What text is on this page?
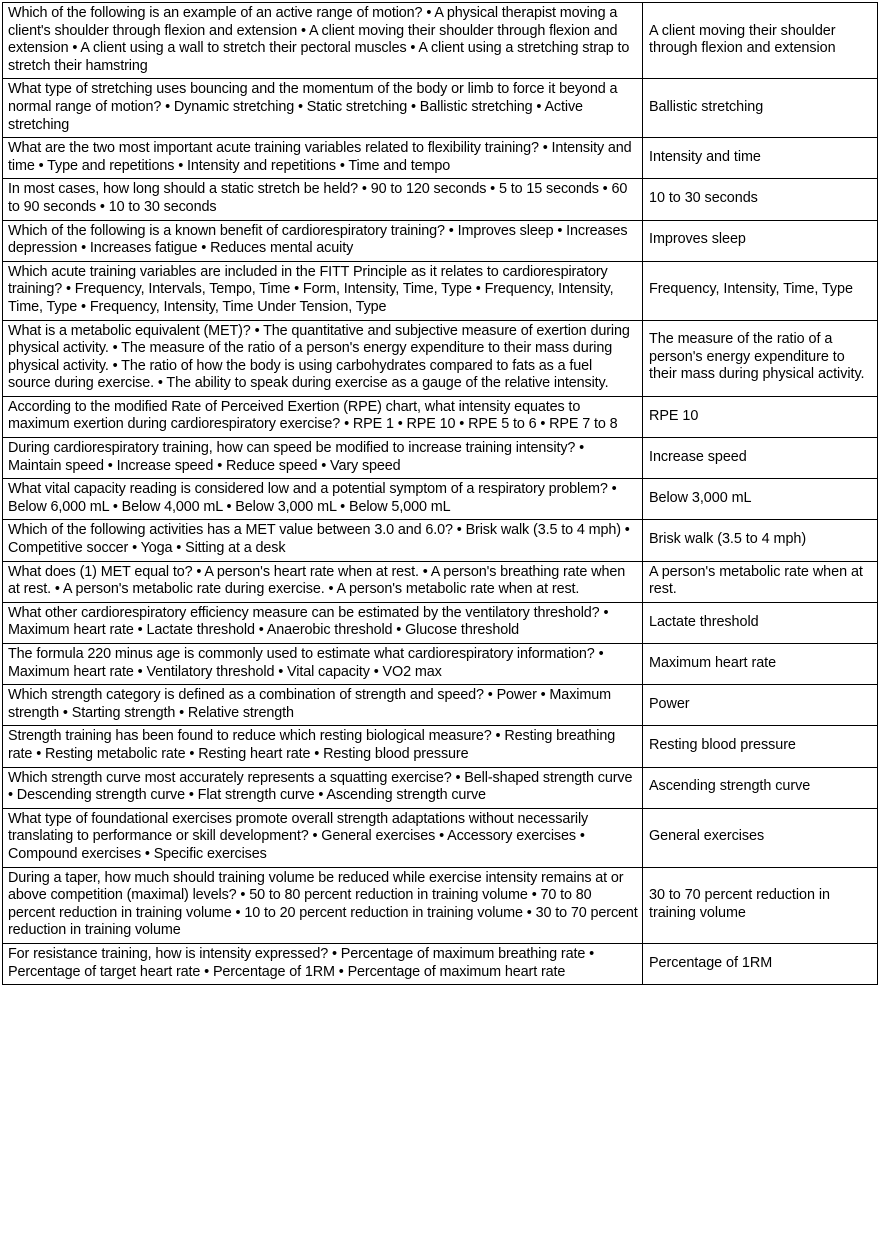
Which of the following is an example of an active range of motion? • A physical therapist moving a client's shoulder through flexion and extension • A client moving their shoulder through flexion and extension • A client using a wall to stretch their pectoral muscles • A client using a stretching strap to stretch their hamstring	A client moving their shoulder through flexion and extension
What type of stretching uses bouncing and the momentum of the body or limb to force it beyond a normal range of motion? • Dynamic stretching • Static stretching • Ballistic stretching • Active stretching	Ballistic stretching
What are the two most important acute training variables related to flexibility training? • Intensity and time • Type and repetitions • Intensity and repetitions • Time and tempo	Intensity and time
In most cases, how long should a static stretch be held? • 90 to 120 seconds • 5 to 15 seconds • 60 to 90 seconds • 10 to 30 seconds	10 to 30 seconds
Which of the following is a known benefit of cardiorespiratory training? • Improves sleep • Increases depression • Increases fatigue • Reduces mental acuity	Improves sleep
Which acute training variables are included in the FITT Principle as it relates to cardiorespiratory training? • Frequency, Intervals, Tempo, Time • Form, Intensity, Time, Type • Frequency, Intensity, Time, Type • Frequency, Intensity, Time Under Tension, Type	Frequency, Intensity, Time, Type
What is a metabolic equivalent (MET)? • The quantitative and subjective measure of exertion during physical activity. • The measure of the ratio of a person's energy expenditure to their mass during physical activity. • The ratio of how the body is using carbohydrates compared to fats as a fuel source during exercise. • The ability to speak during exercise as a gauge of the relative intensity.	The measure of the ratio of a person's energy expenditure to their mass during physical activity.
According to the modified Rate of Perceived Exertion (RPE) chart, what intensity equates to maximum exertion during cardiorespiratory exercise? • RPE 1 • RPE 10 • RPE 5 to 6 • RPE 7 to 8	RPE 10
During cardiorespiratory training, how can speed be modified to increase training intensity? • Maintain speed • Increase speed • Reduce speed • Vary speed	Increase speed
What vital capacity reading is considered low and a potential symptom of a respiratory problem? • Below 6,000 mL • Below 4,000 mL • Below 3,000 mL • Below 5,000 mL	Below 3,000 mL
Which of the following activities has a MET value between 3.0 and 6.0? • Brisk walk (3.5 to 4 mph) • Competitive soccer • Yoga • Sitting at a desk	Brisk walk (3.5 to 4 mph)
What does (1) MET equal to? • A person's heart rate when at rest. • A person's breathing rate when at rest. • A person's metabolic rate during exercise. • A person's metabolic rate when at rest.	A person's metabolic rate when at rest.
What other cardiorespiratory efficiency measure can be estimated by the ventilatory threshold? • Maximum heart rate • Lactate threshold • Anaerobic threshold • Glucose threshold	Lactate threshold
The formula 220 minus age is commonly used to estimate what cardiorespiratory information? • Maximum heart rate • Ventilatory threshold • Vital capacity • VO2 max	Maximum heart rate
Which strength category is defined as a combination of strength and speed? • Power • Maximum strength • Starting strength • Relative strength	Power
Strength training has been found to reduce which resting biological measure? • Resting breathing rate • Resting metabolic rate • Resting heart rate • Resting blood pressure	Resting blood pressure
Which strength curve most accurately represents a squatting exercise? • Bell-shaped strength curve • Descending strength curve • Flat strength curve • Ascending strength curve	Ascending strength curve
What type of foundational exercises promote overall strength adaptations without necessarily translating to performance or skill development? • General exercises • Accessory exercises • Compound exercises • Specific exercises	General exercises
During a taper, how much should training volume be reduced while exercise intensity remains at or above competition (maximal) levels? • 50 to 80 percent reduction in training volume • 70 to 80 percent reduction in training volume • 10 to 20 percent reduction in training volume • 30 to 70 percent reduction in training volume	30 to 70 percent reduction in training volume
For resistance training, how is intensity expressed? • Percentage of maximum breathing rate • Percentage of target heart rate • Percentage of 1RM • Percentage of maximum heart rate	Percentage of 1RM
